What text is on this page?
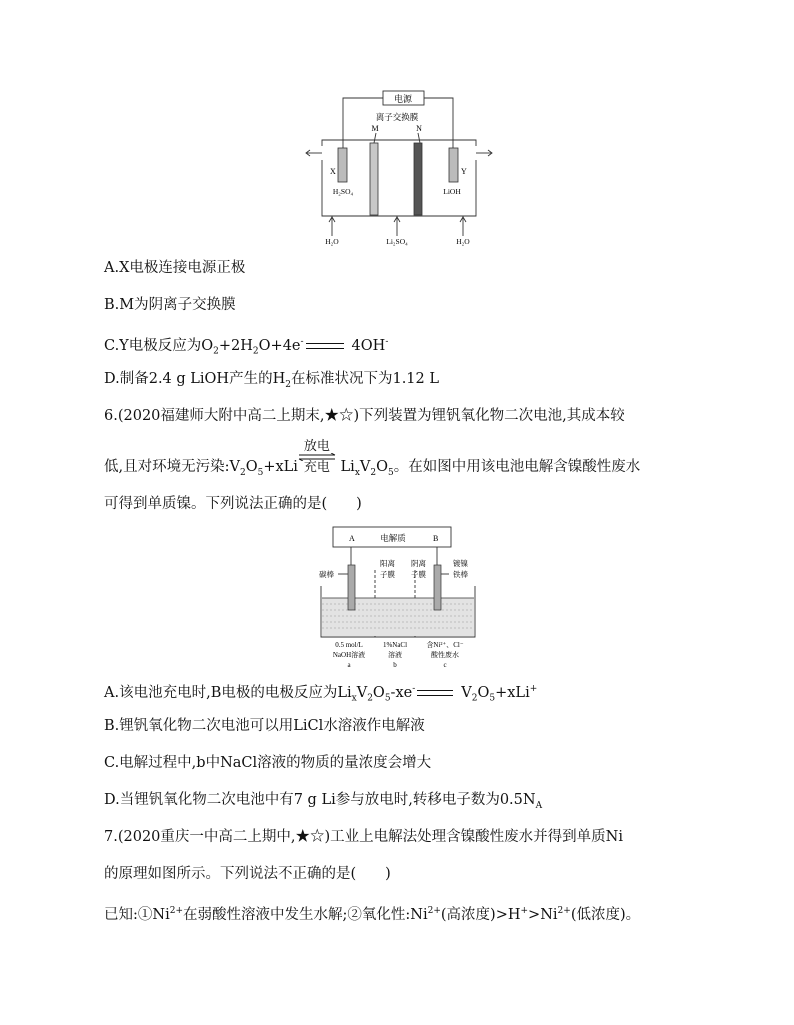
电源
离子交换膜
M	N
X	Y
H₂SO₄	LiOH
H₂O	Li₂SO₄	H₂O
A.X电极连接电源正极
B.M为阴离子交换膜
C.Y电极反应为$O_2+2H_2O+4e^-$	4OH-
D.制备2.4 g LiOH产生的$H_2$在标准状况下为1.12 L
6.(2020福建师大附中高二上期末,★☆)下列装置为锂钒氧化物二次电池,其成本较
低,且对环境无污染$:V_2O_5+xLi$
放电
充电 $Li_xV_2O_5$。在如图中用该电池电解含镍酸性废水
可得到单质镍。下列说法正确的是(　　)
A	电解质	B
碳棒
阳离
子膜
阴离
子膜
镀镍
铁棒
0.5 mol/L
NaOH溶液
a
1%NaCl
溶液
b
含Ni²⁺、Cl⁻
酸性废水
c
A.该电池充电时,B电极的电极反应为$Li_xV_2O_5-xe^-$	$V_2O_5+xLi^+$
B.锂钒氧化物二次电池可以用LiCl水溶液作电解液
C.电解过程中,b中NaCl溶液的物质的量浓度会增大
D.当锂钒氧化物二次电池中有7 g Li参与放电时,转移电子数为$0.5N_A$
7.(2020重庆一中高二上期中,★☆)工业上电解法处理含镍酸性废水并得到单质Ni
的原理如图所示。下列说法不正确的是(　　)
已知$:①Ni^{2+}$在弱酸性溶液中发生水解;②氧化性$:Ni^{2+}$(高浓度)$>H^+>Ni^{2+}$(低浓度)。
